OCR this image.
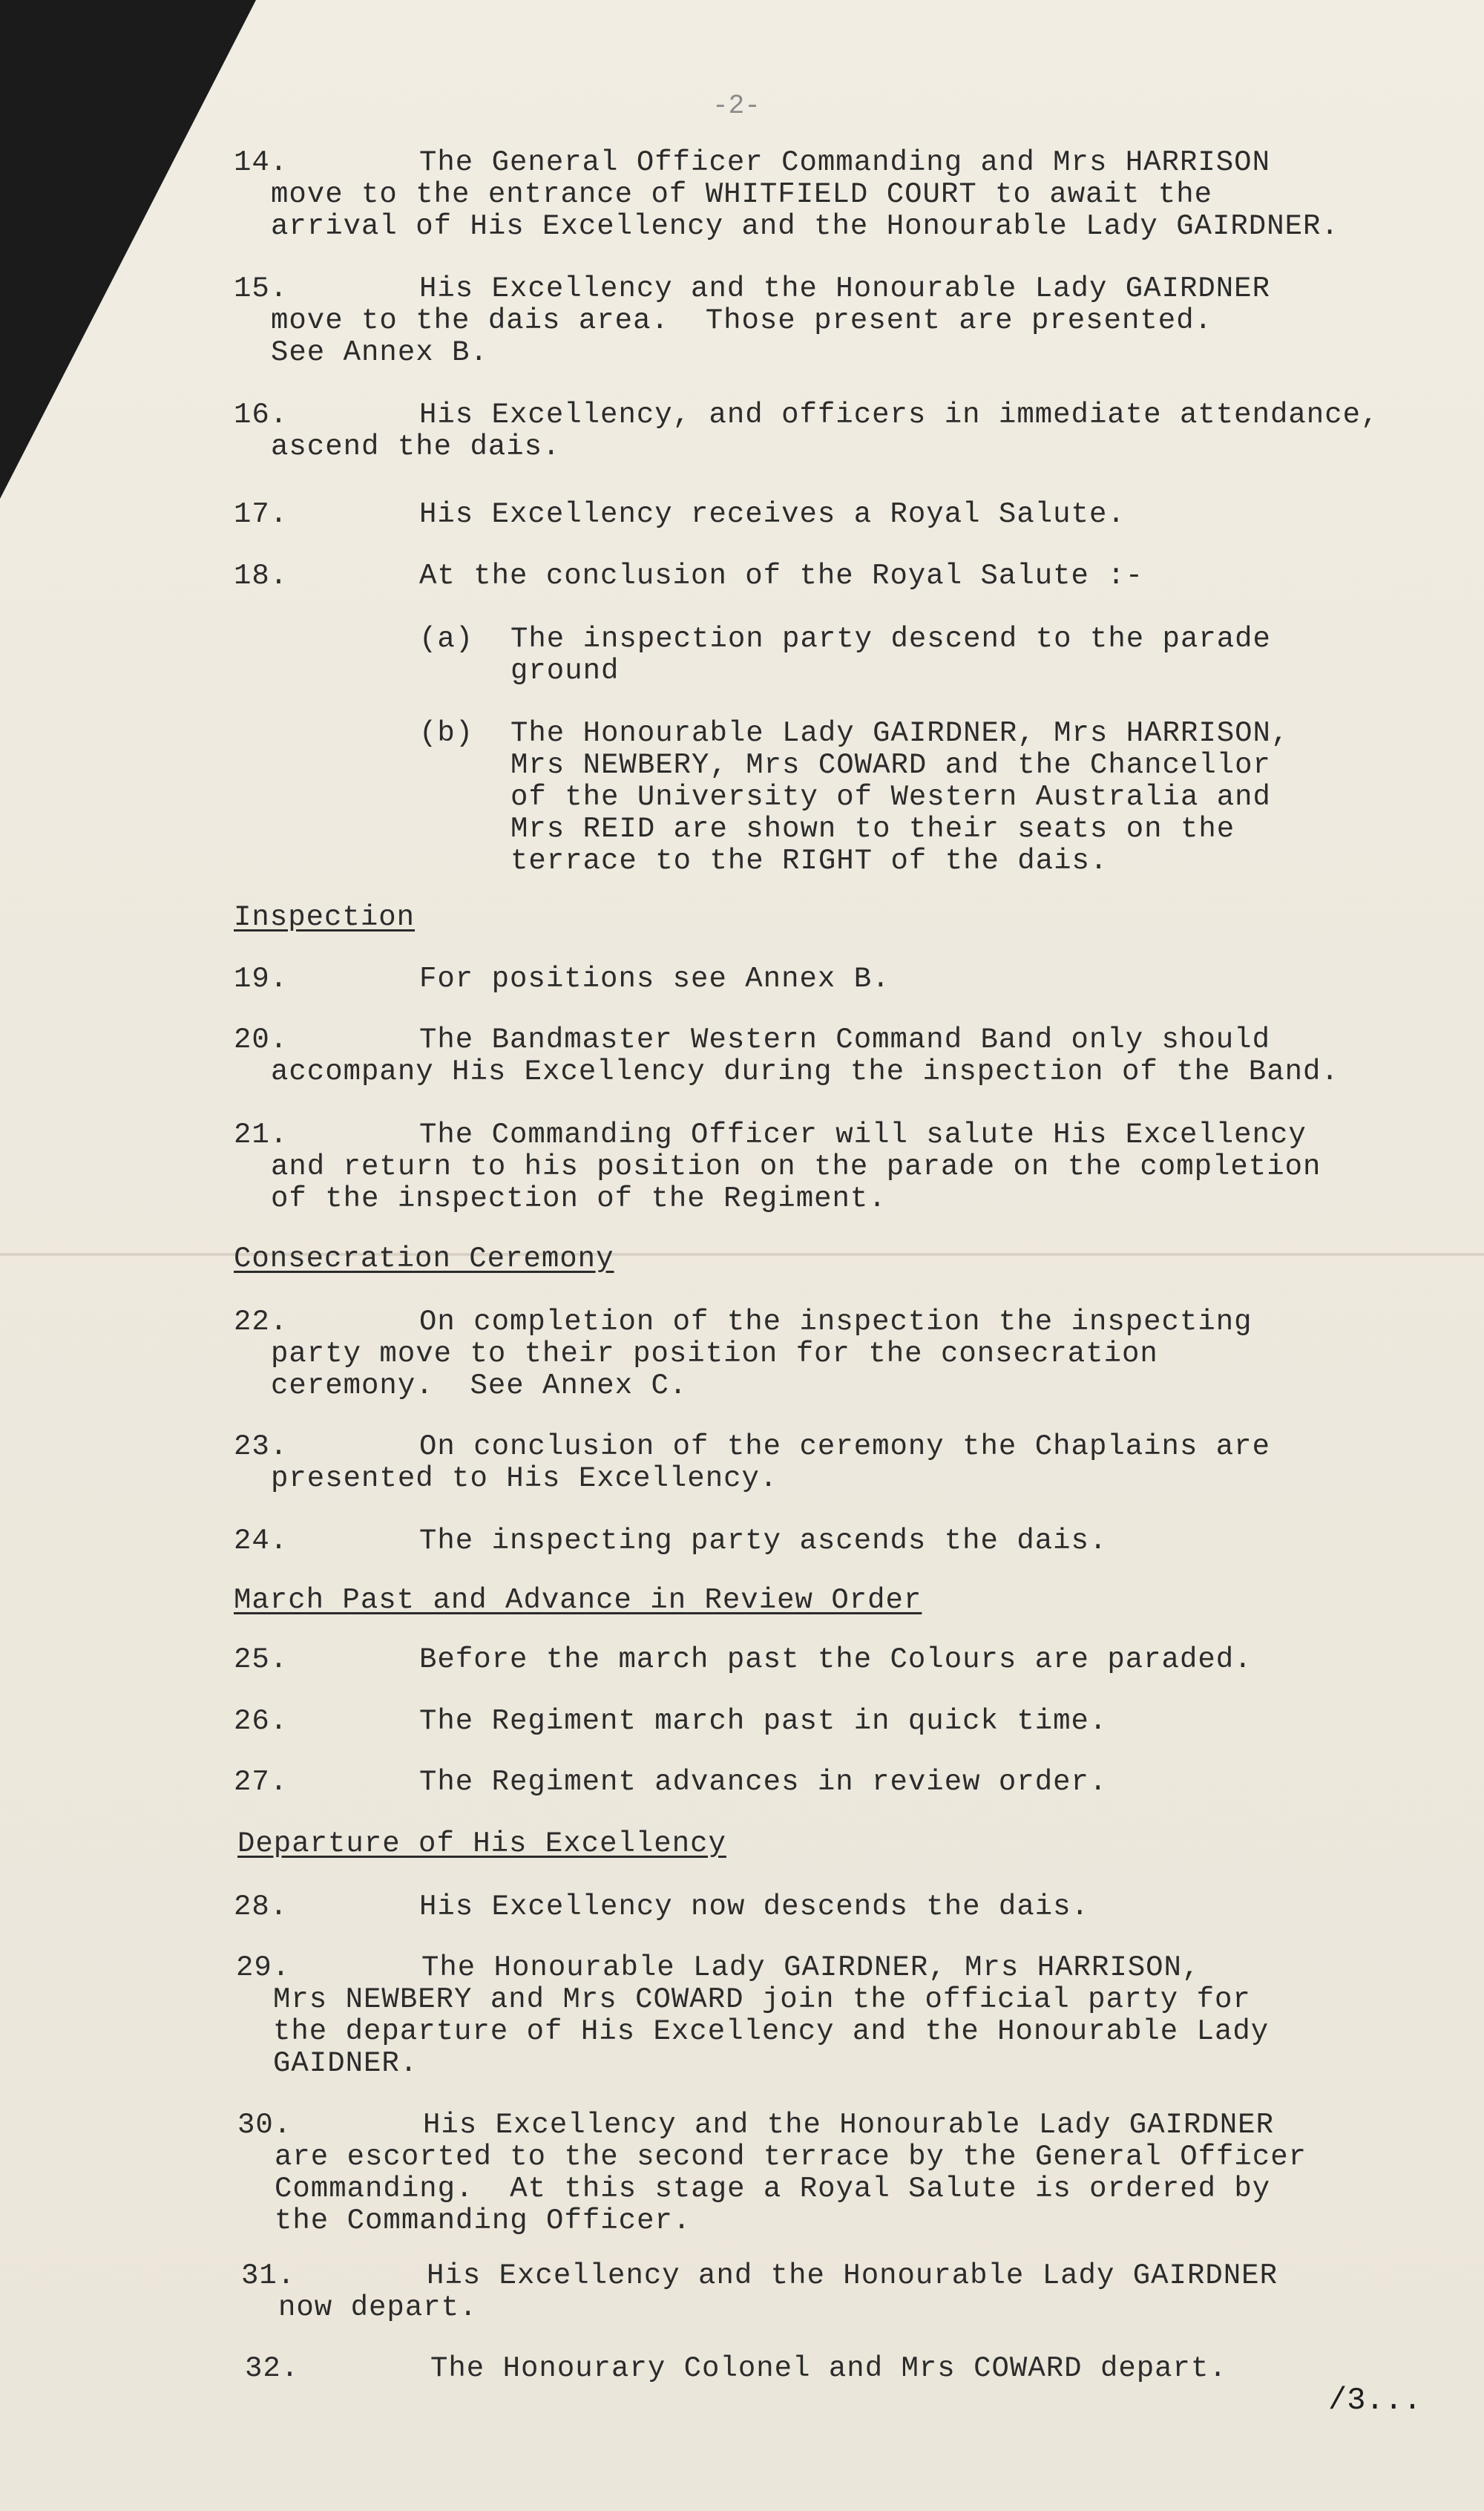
-2-
14.	The General Officer Commanding and Mrs HARRISON
move to the entrance of WHITFIELD COURT to await the
arrival of His Excellency and the Honourable Lady GAIRDNER.
15.	His Excellency and the Honourable Lady GAIRDNER
move to the dais area.  Those present are presented.
See Annex B.
16.	His Excellency, and officers in immediate attendance,
ascend the dais.
17.	His Excellency receives a Royal Salute.
18.	At the conclusion of the Royal Salute :-
(a)	The inspection party descend to the parade
ground
(b)	The Honourable Lady GAIRDNER, Mrs HARRISON,
Mrs NEWBERY, Mrs COWARD and the Chancellor
of the University of Western Australia and
Mrs REID are shown to their seats on the
terrace to the RIGHT of the dais.
Inspection
19.	For positions see Annex B.
20.	The Bandmaster Western Command Band only should
accompany His Excellency during the inspection of the Band.
21.	The Commanding Officer will salute His Excellency
and return to his position on the parade on the completion
of the inspection of the Regiment.
Consecration Ceremony
22.	On completion of the inspection the inspecting
party move to their position for the consecration
ceremony.  See Annex C.
23.	On conclusion of the ceremony the Chaplains are
presented to His Excellency.
24.	The inspecting party ascends the dais.
March Past and Advance in Review Order
25.	Before the march past the Colours are paraded.
26.	The Regiment march past in quick time.
27.	The Regiment advances in review order.
Departure of His Excellency
28.	His Excellency now descends the dais.
29.	The Honourable Lady GAIRDNER, Mrs HARRISON,
Mrs NEWBERY and Mrs COWARD join the official party for
the departure of His Excellency and the Honourable Lady
GAIDNER.
30.	His Excellency and the Honourable Lady GAIRDNER
are escorted to the second terrace by the General Officer
Commanding.  At this stage a Royal Salute is ordered by
the Commanding Officer.
31.	His Excellency and the Honourable Lady GAIRDNER
now depart.
32.	The Honourary Colonel and Mrs COWARD depart.
/3...
